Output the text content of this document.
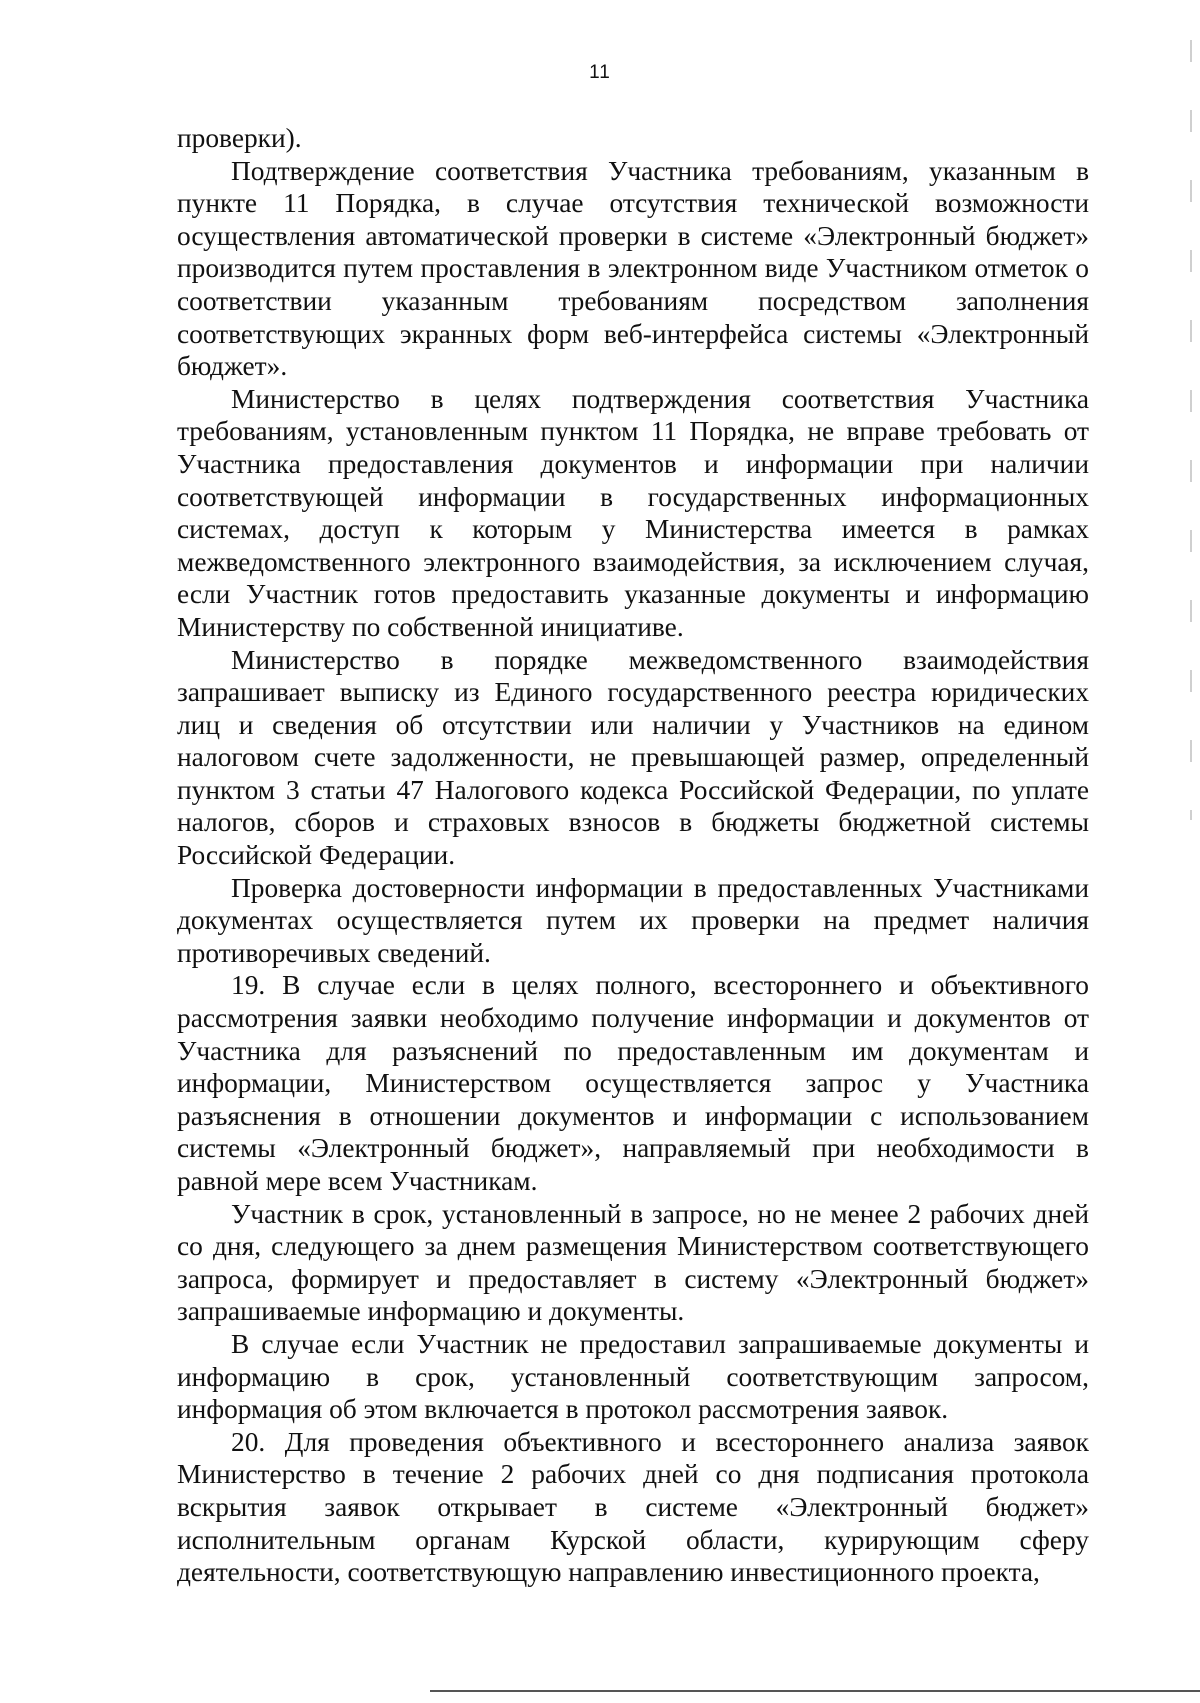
11

проверки).

Подтверждение соответствия Участника требованиям, указанным в пункте 11 Порядка, в случае отсутствия технической возможности осуществления автоматической проверки в системе «Электронный бюджет» производится путем проставления в электронном виде Участником отметок о соответствии указанным требованиям посредством заполнения соответствующих экранных форм веб-интерфейса системы «Электронный бюджет».

Министерство в целях подтверждения соответствия Участника требованиям, установленным пунктом 11 Порядка, не вправе требовать от Участника предоставления документов и информации при наличии соответствующей информации в государственных информационных системах, доступ к которым у Министерства имеется в рамках межведомственного электронного взаимодействия, за исключением случая, если Участник готов предоставить указанные документы и информацию Министерству по собственной инициативе.

Министерство в порядке межведомственного взаимодействия запрашивает выписку из Единого государственного реестра юридических лиц и сведения об отсутствии или наличии у Участников на едином налоговом счете задолженности, не превышающей размер, определенный пунктом 3 статьи 47 Налогового кодекса Российской Федерации, по уплате налогов, сборов и страховых взносов в бюджеты бюджетной системы Российской Федерации.

Проверка достоверности информации в предоставленных Участниками документах осуществляется путем их проверки на предмет наличия противоречивых сведений.

19. В случае если в целях полного, всестороннего и объективного рассмотрения заявки необходимо получение информации и документов от Участника для разъяснений по предоставленным им документам и информации, Министерством осуществляется запрос у Участника разъяснения в отношении документов и информации с использованием системы «Электронный бюджет», направляемый при необходимости в равной мере всем Участникам.

Участник в срок, установленный в запросе, но не менее 2 рабочих дней со дня, следующего за днем размещения Министерством соответствующего запроса, формирует и предоставляет в систему «Электронный бюджет» запрашиваемые информацию и документы.

В случае если Участник не предоставил запрашиваемые документы и информацию в срок, установленный соответствующим запросом, информация об этом включается в протокол рассмотрения заявок.

20. Для проведения объективного и всестороннего анализа заявок Министерство в течение 2 рабочих дней со дня подписания протокола вскрытия заявок открывает в системе «Электронный бюджет» исполнительным органам Курской области, курирующим сферу деятельности, соответствующую направлению инвестиционного проекта,
